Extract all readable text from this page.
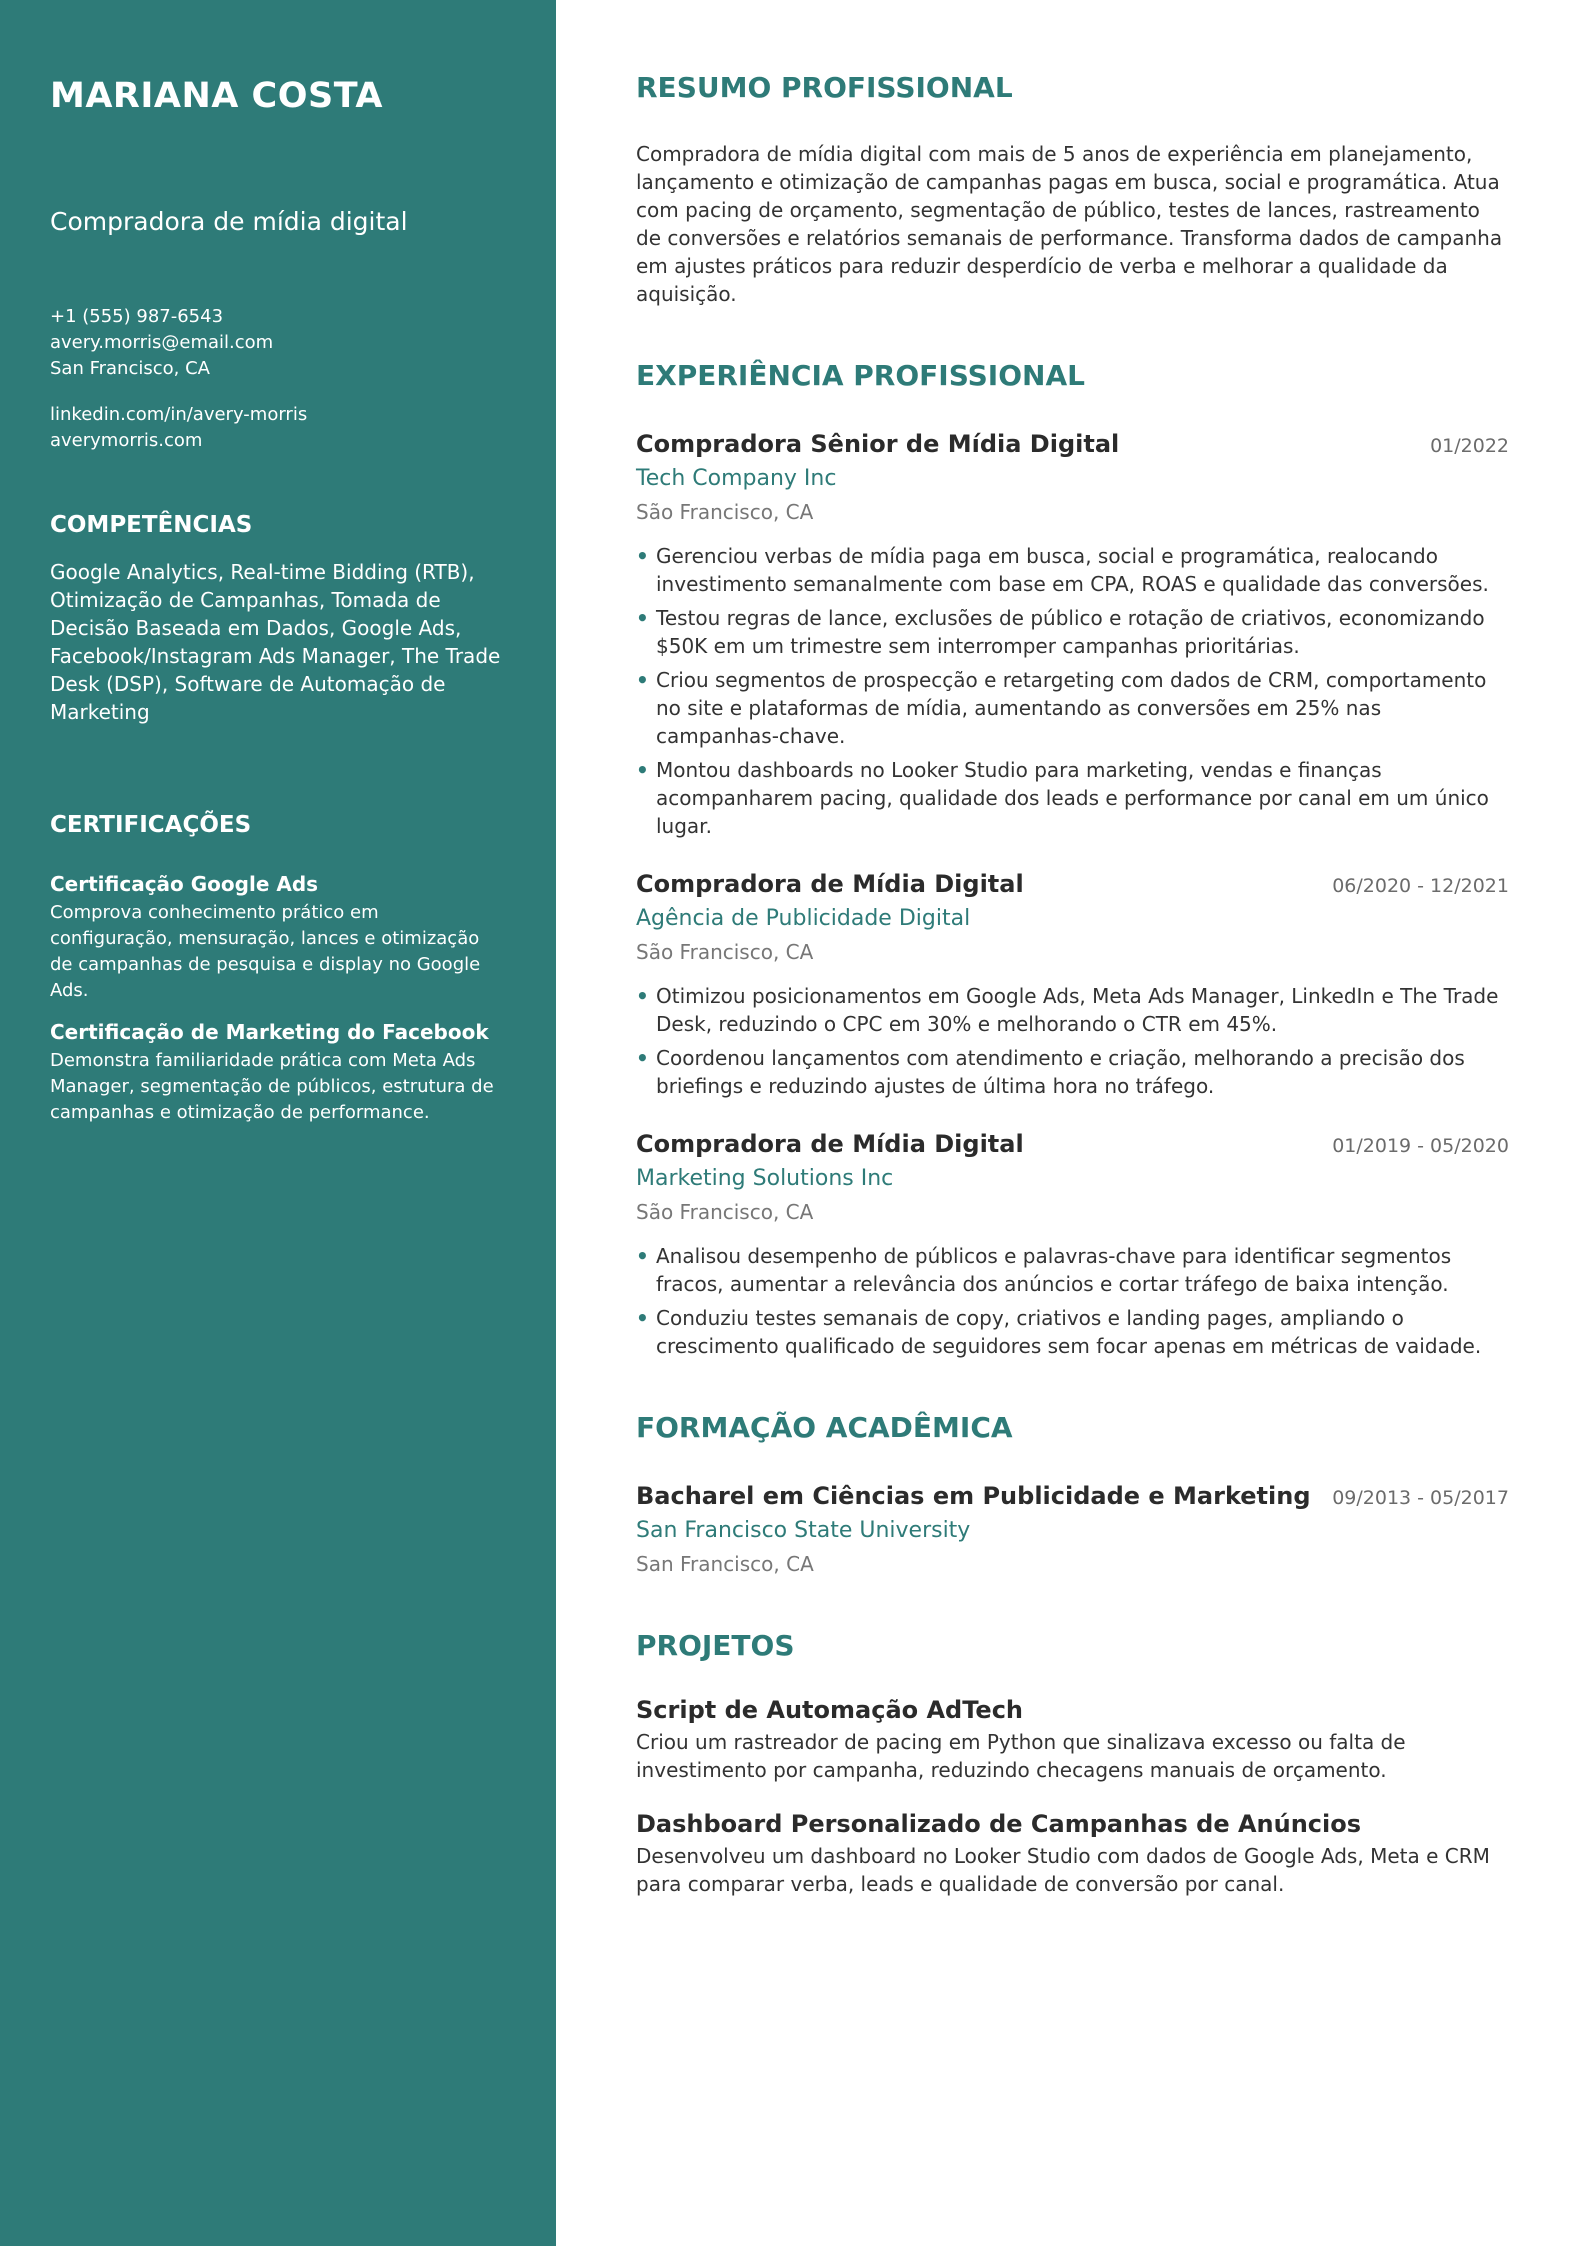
MARIANA COSTA
Compradora de mídia digital
+1 (555) 987-6543
avery.morris@email.com
San Francisco, CA
linkedin.com/in/avery-morris
averymorris.com
COMPETÊNCIAS
Google Analytics, Real-time Bidding (RTB), Otimização de Campanhas, Tomada de Decisão Baseada em Dados, Google Ads, Facebook/Instagram Ads Manager, The Trade Desk (DSP), Software de Automação de Marketing
CERTIFICAÇÕES
Certificação Google Ads
Comprova conhecimento prático em configuração, mensuração, lances e otimização de campanhas de pesquisa e display no Google Ads.
Certificação de Marketing do Facebook
Demonstra familiaridade prática com Meta Ads Manager, segmentação de públicos, estrutura de campanhas e otimização de performance.
RESUMO PROFISSIONAL
Compradora de mídia digital com mais de 5 anos de experiência em planejamento, lançamento e otimização de campanhas pagas em busca, social e programática. Atua com pacing de orçamento, segmentação de público, testes de lances, rastreamento de conversões e relatórios semanais de performance. Transforma dados de campanha em ajustes práticos para reduzir desperdício de verba e melhorar a qualidade da aquisição.
EXPERIÊNCIA PROFISSIONAL
Compradora Sênior de Mídia Digital	01/2022
Tech Company Inc
São Francisco, CA
• Gerenciou verbas de mídia paga em busca, social e programática, realocando investimento semanalmente com base em CPA, ROAS e qualidade das conversões.
• Testou regras de lance, exclusões de público e rotação de criativos, economizando $50K em um trimestre sem interromper campanhas prioritárias.
• Criou segmentos de prospecção e retargeting com dados de CRM, comportamento no site e plataformas de mídia, aumentando as conversões em 25% nas campanhas-chave.
• Montou dashboards no Looker Studio para marketing, vendas e finanças acompanharem pacing, qualidade dos leads e performance por canal em um único lugar.
Compradora de Mídia Digital	06/2020 - 12/2021
Agência de Publicidade Digital
São Francisco, CA
• Otimizou posicionamentos em Google Ads, Meta Ads Manager, LinkedIn e The Trade Desk, reduzindo o CPC em 30% e melhorando o CTR em 45%.
• Coordenou lançamentos com atendimento e criação, melhorando a precisão dos briefings e reduzindo ajustes de última hora no tráfego.
Compradora de Mídia Digital	01/2019 - 05/2020
Marketing Solutions Inc
São Francisco, CA
• Analisou desempenho de públicos e palavras-chave para identificar segmentos fracos, aumentar a relevância dos anúncios e cortar tráfego de baixa intenção.
• Conduziu testes semanais de copy, criativos e landing pages, ampliando o crescimento qualificado de seguidores sem focar apenas em métricas de vaidade.
FORMAÇÃO ACADÊMICA
Bacharel em Ciências em Publicidade e Marketing 09/2013 - 05/2017
San Francisco State University
San Francisco, CA
PROJETOS
Script de Automação AdTech
Criou um rastreador de pacing em Python que sinalizava excesso ou falta de investimento por campanha, reduzindo checagens manuais de orçamento.
Dashboard Personalizado de Campanhas de Anúncios
Desenvolveu um dashboard no Looker Studio com dados de Google Ads, Meta e CRM para comparar verba, leads e qualidade de conversão por canal.
